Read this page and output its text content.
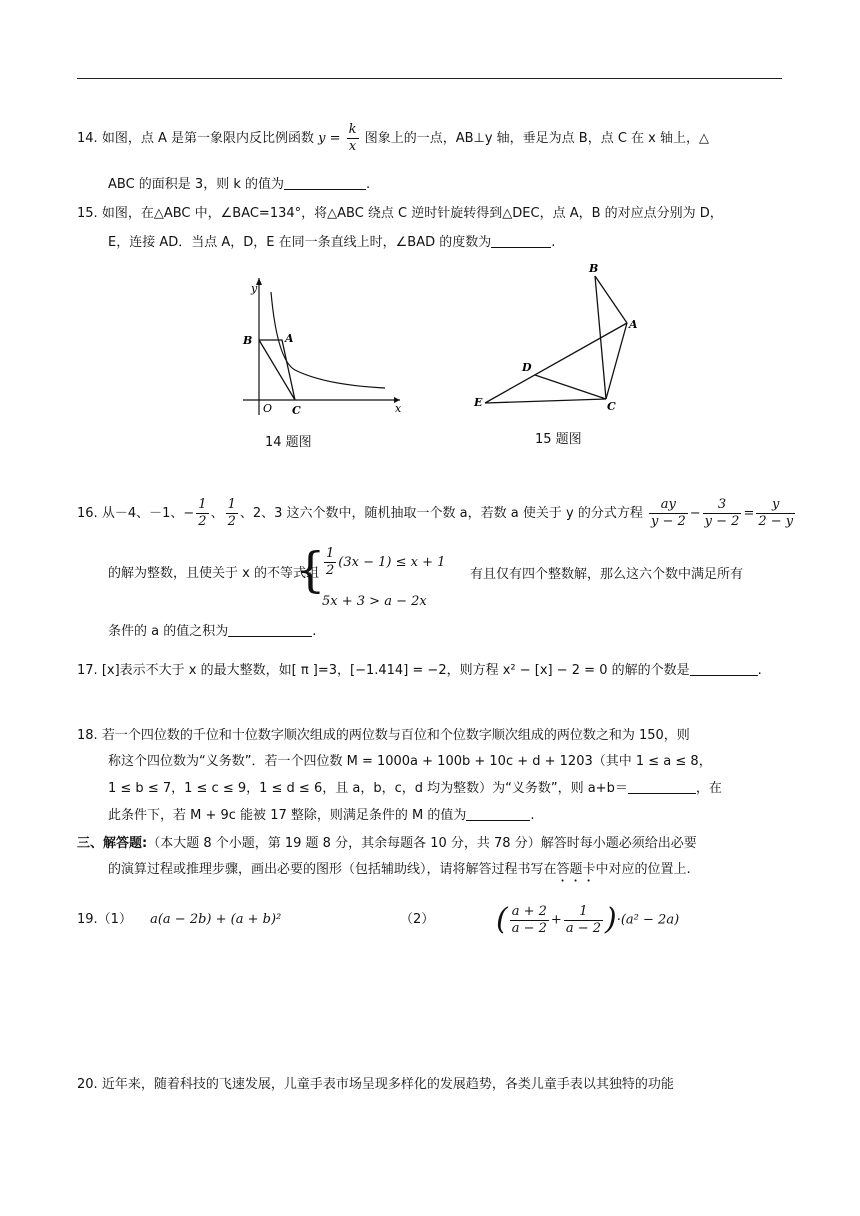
14. 如图，点 A 是第一象限内反比例函数 $y = \frac{k}{x}$ 图象上的一点，AB⊥y 轴，垂足为点 B，点 C 在 x 轴上，△
ABC 的面积是 3，则 k 的值为	.
15. 如图，在△ABC 中，∠BAC=134°，将△ABC 绕点 C 逆时针旋转得到△DEC，点 A，B 的对应点分别为 D，
E，连接 AD．当点 A，D，E 在同一条直线上时，∠BAD 的度数为	.
y
x
O
A
B
C
14 题图
B
A
D
E	C
15 题图
16. 从－4、－1、− $\frac{1}{2}$ 、 $\frac{1}{2}$ 、2、3 这六个数中，随机抽取一个数 a，若数 a 使关于 y 的分式方程 $\frac{ay}{y - 2} - \frac{3}{y - 2} = \frac{y}{2 - y}$
的解为整数，且使关于 x 的不等式组
{
$\frac{1}{2} (3x - 1) \le x + 1$
5x + 3 > a − 2x
有且仅有四个整数解，那么这六个数中满足所有
条件的 a 的值之积为	.
17. [x]表示不大于 x 的最大整数，如[ π ]=3，[−1.414] = −2，则方程 x² − [x] − 2 = 0 的解的个数是	.
18. 若一个四位数的千位和十位数字顺次组成的两位数与百位和个位数字顺次组成的两位数之和为 150，则
称这个四位数为“义务数”．若一个四位数 M = 1000a + 100b + 10c + d + 1203（其中 1 ≤ a ≤ 8，
1 ≤ b ≤ 7，1 ≤ c ≤ 9，1 ≤ d ≤ 6，且 a，b，c，d 均为整数）为“义务数”，则 a+b＝	，在
此条件下，若 M + 9c 能被 17 整除，则满足条件的 M 的值为	.
三、解答题:（本大题 8 个小题，第 19 题 8 分，其余每题各 10 分，共 78 分）解答时每小题必须给出必要
的演算过程或推理步骤，画出必要的图形（包括辅助线），请将解答过程书写在答题卡中对应的位置上.
19.（1） a(a − 2b) + (a + b)²	（2） ( $\frac{a + 2}{a - 2} + \frac{1}{a - 2} )\cdot(a^2 - 2a)$
20. 近年来，随着科技的飞速发展，儿童手表市场呈现多样化的发展趋势，各类儿童手表以其独特的功能
